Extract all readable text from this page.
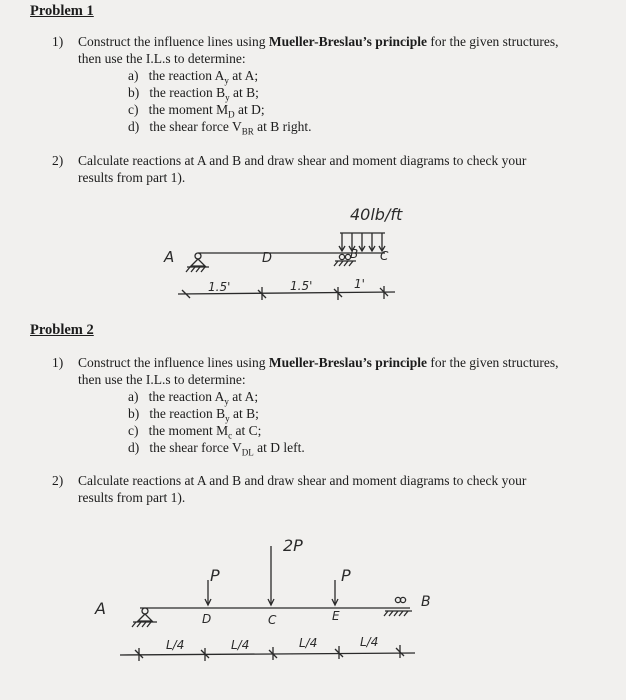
Problem 1
1) Construct the influence lines using Mueller-Breslau’s principle for the given structures,
then use the I.L.s to determine:
a) the reaction $A_y$ at A;
b) the reaction $B_y$ at B;
c) the moment $M_D$ at D;
d) the shear force $V_{BR}$ at B right.
2) Calculate reactions at A and B and draw shear and moment diagrams to check your
results from part 1).
40lb/ft
A	D	B C
1.5'	1.5'	1'
Problem 2
1) Construct the influence lines using Mueller-Breslau’s principle for the given structures,
then use the I.L.s to determine:
a) the reaction $A_y$ at A;
b) the reaction $B_y$ at B;
c) the moment $M_c$ at C;
d) the shear force $V_{DL}$ at D left.
2) Calculate reactions at A and B and draw shear and moment diagrams to check your
results from part 1).
P
2P
P
A
D	C	E
B
L/4	L/4	L/4	L/4
